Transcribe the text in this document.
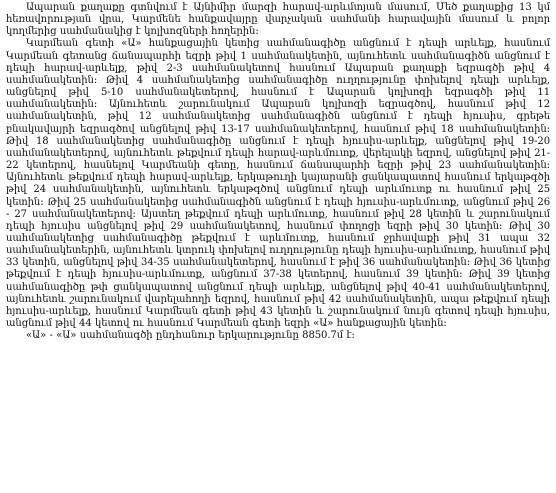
Ապարան քաղաքը գտնվում է Այնիմիր մարզի հարավ-արևմտյան մասում, Մեծ քաղաքից 13 կմ հեռավորության վրա, Կարմենե հանքավայրը վարչական սահմանի հարավային մասում և բոլոր կողմերից սահմանակից է կոլխոզների հողերին։

Կարմեան գետի «Ա» հանքացային կետից սահմանագիծը անցնում է դեպի արևելք, հասնում Կարմեան գետանց ճանապարհի եզրի թիվ 1 սահմանակետին, այնուհետև սահմանագիծն անցնում է դեպի հարավ-արևելք, թիվ 2-3 սահմանակետով հասնում Ապարան քաղաքի եզրագծի թիվ 4 սահմանակետին։ Թիվ 4 սահմանակետից սահմանագիծը ուղղությունը փոխելով դեպի արևելք, անցնելով թիվ 5-10 սահմանակետերով, հասնում է Ապարան կոլխոզի եզրագծի թիվ 11 սահմանակետին։ Այնուհետև շարունակում Ապարան կոլխոզի եզրագծով, հասնում թիվ 12 սահմանակետին, թիվ 12 սահմանակետից սահմանագիծն անցնում է դեպի հյուսիս, գրեթե բնակավայրի եզրագծով անցնելով թիվ 13-17 սահմանակետերով, հասնում թիվ 18 սահմանակետին։ Թիվ 18 սահմանակետից սահմանագիծը անցնում է դեպի հյուսիս-արևելք, անցնելով թիվ 19-20 սահմանակետերով, այնուհետև թեքվում դեպի հարավ-արևմուտք, վերելակի եզրով, անցնելով թիվ 21-22 կետերով, հասնելով Կարմեանի գետը, հասնում ճանապարհի եզրի թիվ 23 սահմանակետին։ Այնուհետև թեքվում դեպի հարավ-արևելք, երկաթուղի կայարանի ցանկապատով հասնում երկաթգծի թիվ 24 սահմանակետին, այնուհետև երկաթգծով անցնում դեպի արևմուտք ու հասնում թիվ 25 կետին։ Թիվ 25 սահմանակետից սահմանագիծն անցնում է դեպի հյուսիս-արևմուտք, անցնում թիվ 26 - 27 սահմանակետերով։ Այստեղ թեքվում դեպի արևմուտք, հասնում թիվ 28 կետին և շարունակում դեպի հյուսիս անցնելով թիվ 29 սահմանակետով, հասնում փողոցի եզրի թիվ 30 կետին։ Թիվ 30 սահմանակետից սահմանագիծը թեքվում է արևմուտք, հասնում ջրհավաքի թիվ 31 ապա 32 սահմանակետերին, այնուհետև կտրուկ փոխելով ուղղությունը դեպի հյուսիս-արևմուտք, հասնում թիվ 33 կետին, անցնելով թիվ 34-35 սահմանակետերով, հասնում է թիվ 36 սահմանակետին։ Թիվ 36 կետից թեքվում է դեպի հյուսիս-արևմուտք, անցնում 37-38 կետերով, հասնում 39 կետին։ Թիվ 39 կետից սահմանագիծը թփ ցանկապատով անցնում դեպի արևելք, անցնելով թիվ 40-41 սահմանակետերով, այնուհետև շարունակում վարելահողի եզրով, հասնում թիվ 42 սահմանակետին, ապա թեքվում դեպի հյուսիս-արևելք, հասնում Կարմեան գետի թիվ 43 կետին և շարունակում նույն գետով դեպի հյուսիս, անցնում թիվ 44 կետով ու հասնում Կարմեան գետի եզրի «Ա» հանքացային կետին։

«Ա» - «Ա» սահմանագծի ընդհանուր երկարությունը 8850.7մ է։
